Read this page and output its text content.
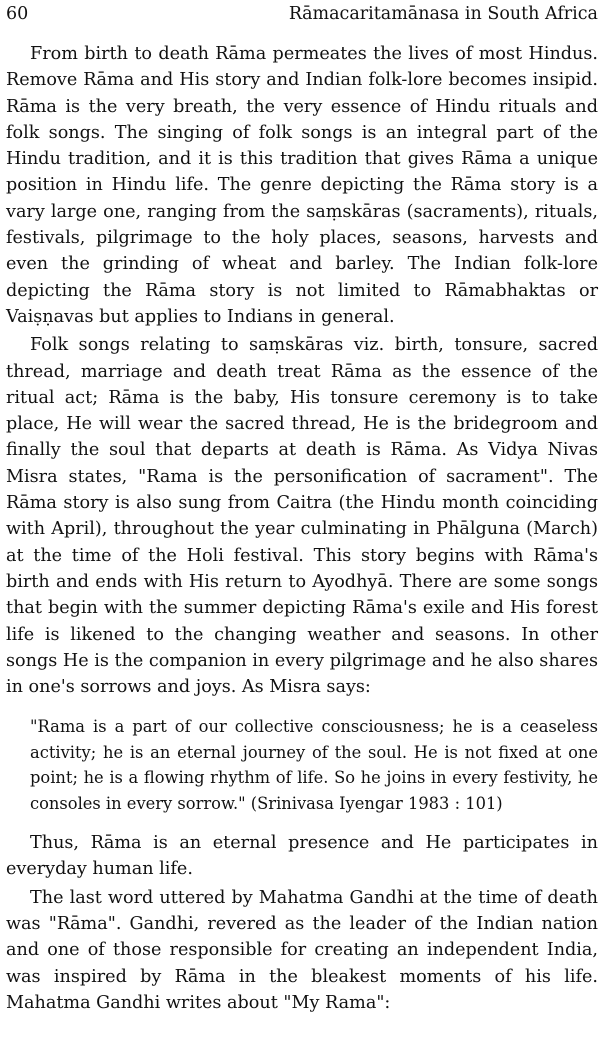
60	Rāmacaritamānasa in South Africa

From birth to death Rāma permeates the lives of most Hindus. Remove Rāma and His story and Indian folk-lore becomes insipid. Rāma is the very breath, the very essence of Hindu rituals and folk songs. The singing of folk songs is an integral part of the Hindu tradition, and it is this tradition that gives Rāma a unique position in Hindu life. The genre depicting the Rāma story is a vary large one, ranging from the saṃskāras (sacraments), rituals, festivals, pilgrimage to the holy places, seasons, harvests and even the grinding of wheat and barley. The Indian folk-lore depicting the Rāma story is not limited to Rāmabhaktas or Vaiṣṇavas but applies to Indians in general.

Folk songs relating to saṃskāras viz. birth, tonsure, sacred thread, marriage and death treat Rāma as the essence of the ritual act; Rāma is the baby, His tonsure ceremony is to take place, He will wear the sacred thread, He is the bridegroom and finally the soul that departs at death is Rāma. As Vidya Nivas Misra states, "Rama is the personification of sacrament". The Rāma story is also sung from Caitra (the Hindu month coinciding with April), throughout the year culminating in Phālguna (March) at the time of the Holi festival. This story begins with Rāma's birth and ends with His return to Ayodhyā. There are some songs that begin with the summer depicting Rāma's exile and His forest life is likened to the changing weather and seasons. In other songs He is the companion in every pilgrimage and he also shares in one's sorrows and joys. As Misra says:

"Rama is a part of our collective consciousness; he is a ceaseless activity; he is an eternal journey of the soul. He is not fixed at one point; he is a flowing rhythm of life. So he joins in every festivity, he consoles in every sorrow." (Srinivasa Iyengar 1983 : 101)

Thus, Rāma is an eternal presence and He participates in everyday human life.

The last word uttered by Mahatma Gandhi at the time of death was "Rāma". Gandhi, revered as the leader of the Indian nation and one of those responsible for creating an independent India, was inspired by Rāma in the bleakest moments of his life. Mahatma Gandhi writes about "My Rama":
